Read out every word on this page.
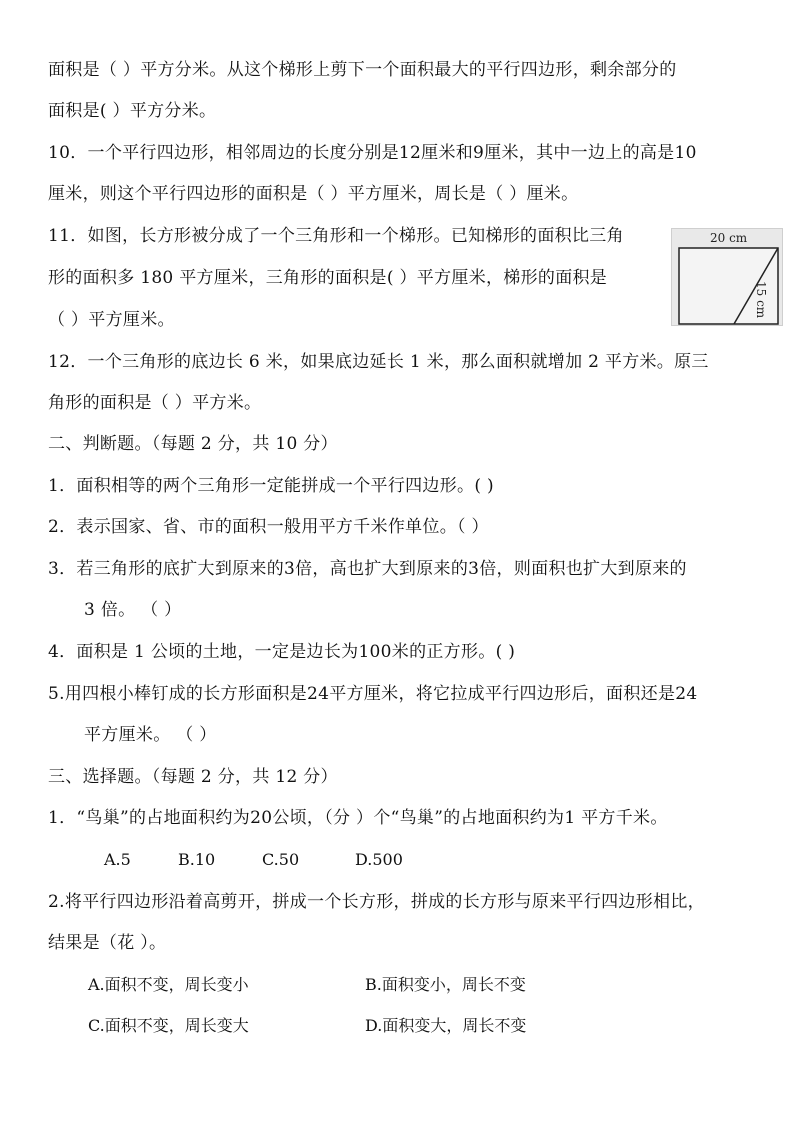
面积是（ ）平方分米。从这个梯形上剪下一个面积最大的平行四边形，剩余部分的
面积是( ）平方分米。
10．一个平行四边形，相邻周边的长度分别是12厘米和9厘米，其中一边上的高是10
厘米，则这个平行四边形的面积是（ ）平方厘米，周长是（ ）厘米。
11．如图，长方形被分成了一个三角形和一个梯形。已知梯形的面积比三角
形的面积多 180 平方厘米，三角形的面积是( ）平方厘米，梯形的面积是
（ ）平方厘米。
20 cm
15 cm
12．一个三角形的底边长 6 米，如果底边延长 1 米，那么面积就增加 2 平方米。原三
角形的面积是（ ）平方米。
二、判断题。（每题 2 分，共 10 分）
1．面积相等的两个三角形一定能拼成一个平行四边形。( )
2．表示国家、省、市的面积一般用平方千米作单位。（ ）
3．若三角形的底扩大到原来的3倍，高也扩大到原来的3倍，则面积也扩大到原来的
3 倍。 （ ）
4．面积是 1 公顷的土地，一定是边长为100米的正方形。( )
5.用四根小棒钉成的长方形面积是24平方厘米，将它拉成平行四边形后，面积还是24
平方厘米。 （ ）
三、选择题。（每题 2 分，共 12 分）
1．“鸟巢”的占地面积约为20公顷，（分 ）个“鸟巢”的占地面积约为1 平方千米。
A.5	B.10	C.50	D.500
2.将平行四边形沿着高剪开，拼成一个长方形，拼成的长方形与原来平行四边形相比，
结果是（花 ）。
A.面积不变，周长变小	B.面积变小，周长不变
C.面积不变，周长变大	D.面积变大，周长不变
